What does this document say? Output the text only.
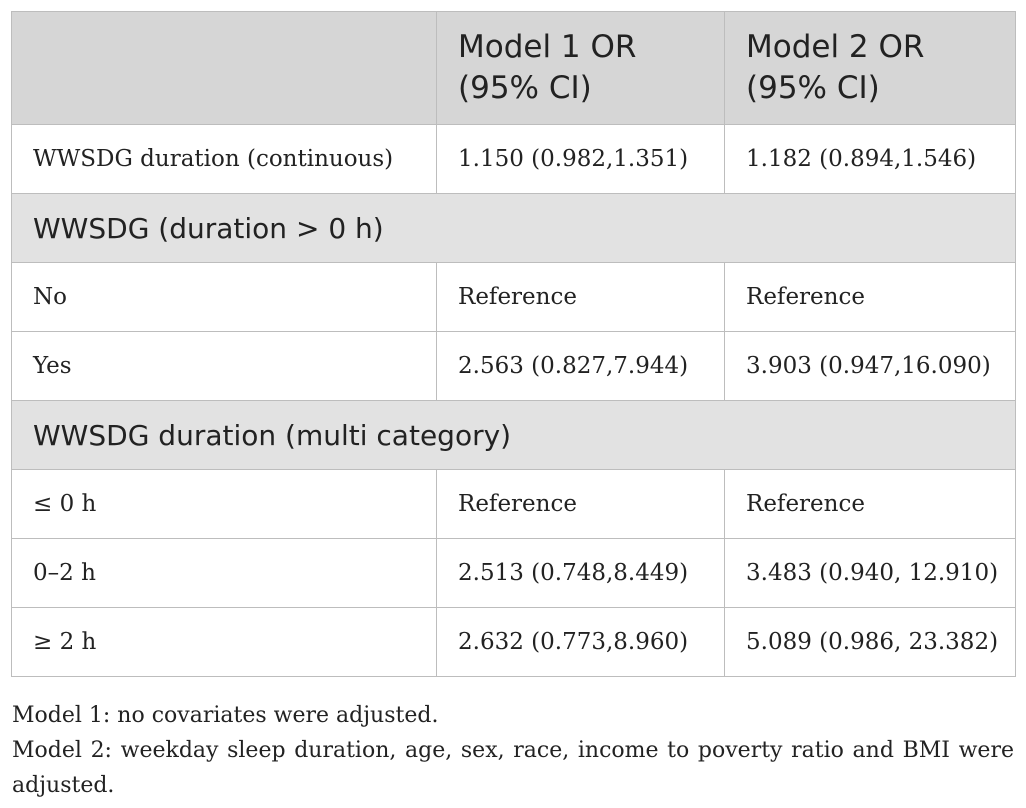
	Model 1 OR (95% CI)	Model 2 OR (95% CI)
WWSDG duration (continuous)	1.150 (0.982,1.351)	1.182 (0.894,1.546)
WWSDG (duration > 0 h)		
No	Reference	Reference
Yes	2.563 (0.827,7.944)	3.903 (0.947,16.090)
WWSDG duration (multi category)		
≤ 0 h	Reference	Reference
0–2 h	2.513 (0.748,8.449)	3.483 (0.940, 12.910)
≥ 2 h	2.632 (0.773,8.960)	5.089 (0.986, 23.382)

Model 1: no covariates were adjusted.

Model 2: weekday sleep duration, age, sex, race, income to poverty ratio and BMI were adjusted.
